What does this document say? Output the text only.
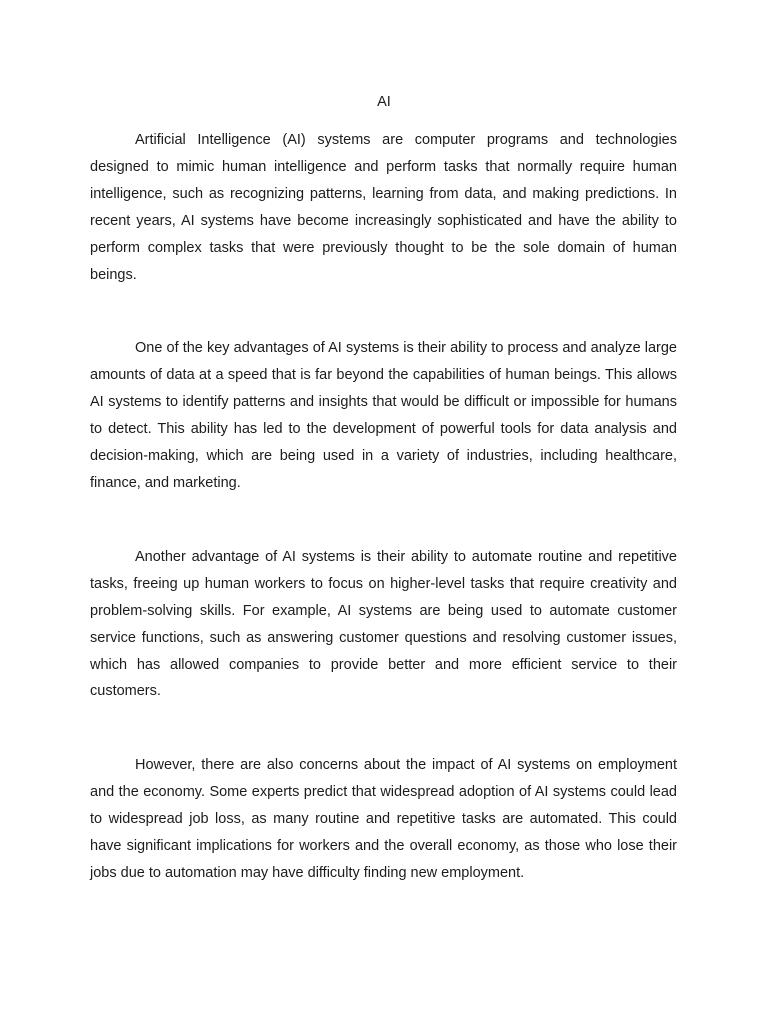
AI

Artificial Intelligence (AI) systems are computer programs and technologies designed to mimic human intelligence and perform tasks that normally require human intelligence, such as recognizing patterns, learning from data, and making predictions. In recent years, AI systems have become increasingly sophisticated and have the ability to perform complex tasks that were previously thought to be the sole domain of human beings.

One of the key advantages of AI systems is their ability to process and analyze large amounts of data at a speed that is far beyond the capabilities of human beings. This allows AI systems to identify patterns and insights that would be difficult or impossible for humans to detect. This ability has led to the development of powerful tools for data analysis and decision-making, which are being used in a variety of industries, including healthcare, finance, and marketing.

Another advantage of AI systems is their ability to automate routine and repetitive tasks, freeing up human workers to focus on higher-level tasks that require creativity and problem-solving skills. For example, AI systems are being used to automate customer service functions, such as answering customer questions and resolving customer issues, which has allowed companies to provide better and more efficient service to their customers.

However, there are also concerns about the impact of AI systems on employment and the economy. Some experts predict that widespread adoption of AI systems could lead to widespread job loss, as many routine and repetitive tasks are automated. This could have significant implications for workers and the overall economy, as those who lose their jobs due to automation may have difficulty finding new employment.
